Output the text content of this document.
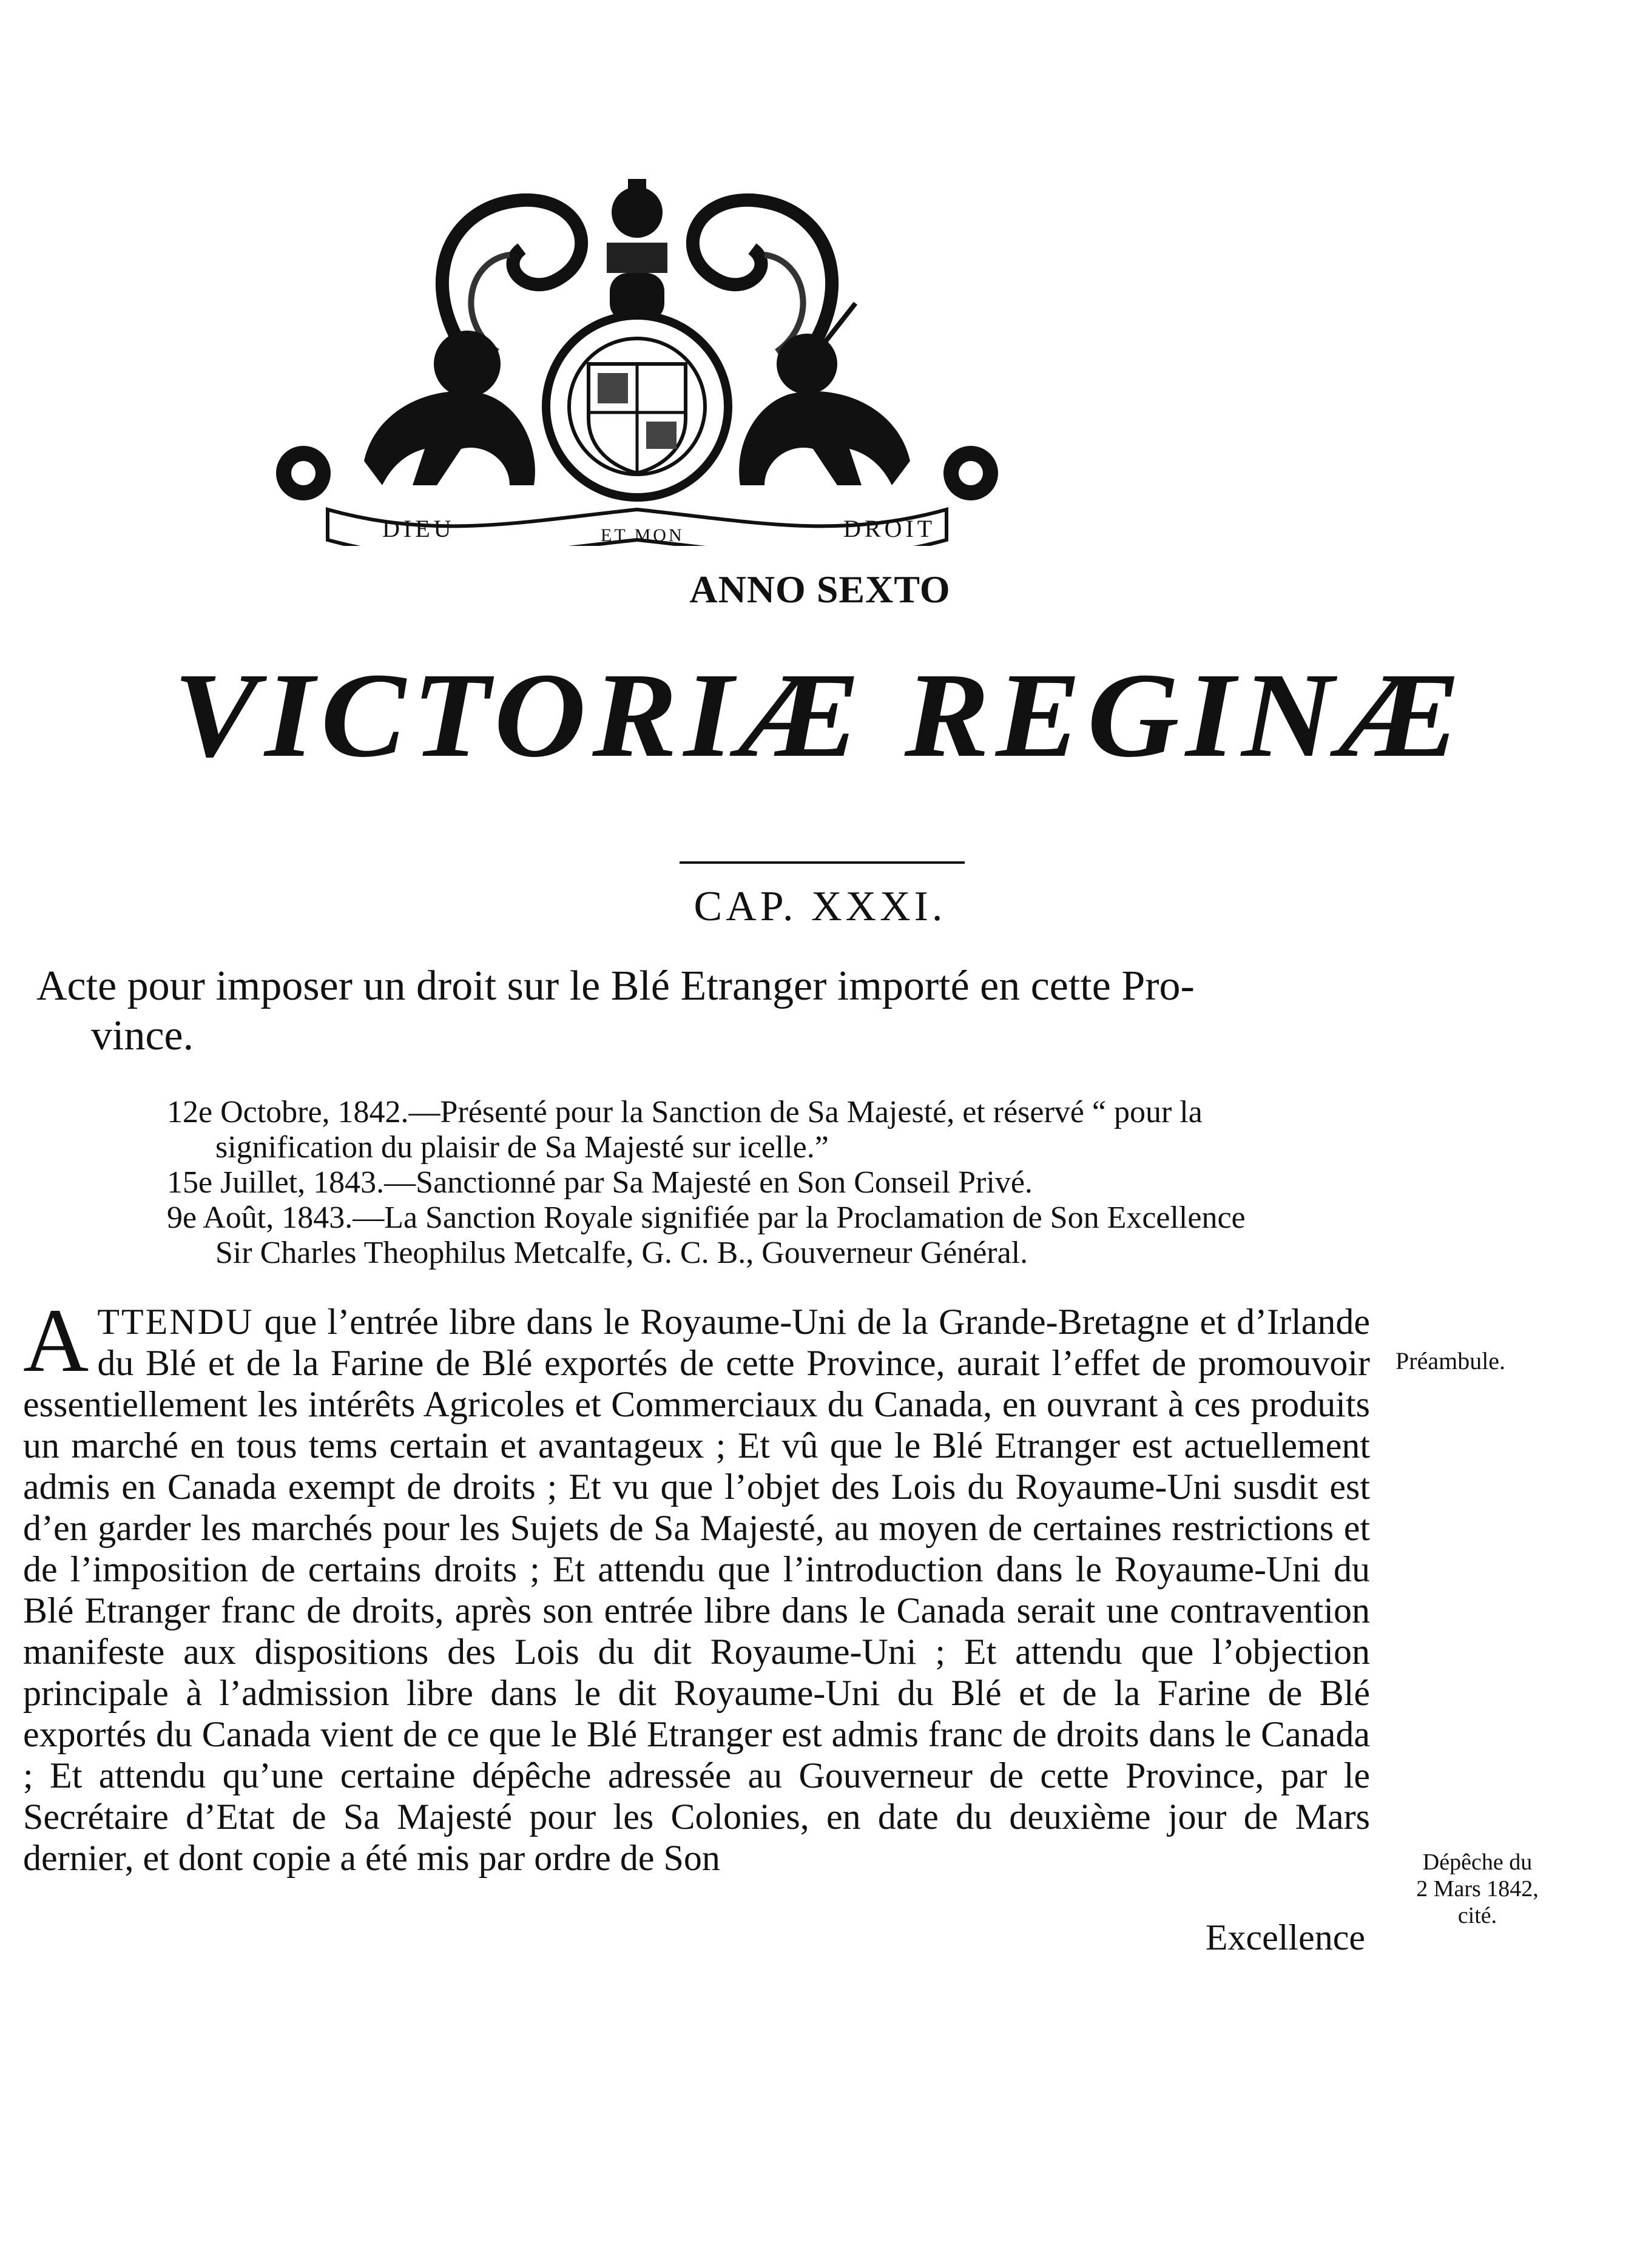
DIEU	ET MON	DROIT
ANNO SEXTO
VICTORIÆ REGINÆ
CAP. XXXI.
Acte pour imposer un droit sur le Blé Etranger importé en cette Pro-
vince.

12e Octobre, 1842.—Présenté pour la Sanction de Sa Majesté, et réservé “ pour la
signification du plaisir de Sa Majesté sur icelle.”

15e Juillet, 1843.—Sanctionné par Sa Majesté en Son Conseil Privé.

9e Août, 1843.—La Sanction Royale signifiée par la Proclamation de Son Excellence
Sir Charles Theophilus Metcalfe, G. C. B., Gouverneur Général.

ATTENDU que l’entrée libre dans le Royaume-Uni de la Grande-Bretagne et d’Irlande du Blé et de la Farine de Blé exportés de cette Province, aurait l’effet de promouvoir essentiellement les intérêts Agricoles et Commerciaux du Canada, en ouvrant à ces produits un marché en tous tems certain et avantageux ; Et vû que le Blé Etranger est actuellement admis en Canada exempt de droits ; Et vu que l’objet des Lois du Royaume-Uni susdit est d’en garder les marchés pour les Sujets de Sa Majesté, au moyen de certaines restrictions et de l’imposition de certains droits ; Et attendu que l’introduction dans le Royaume-Uni du Blé Etranger franc de droits, après son entrée libre dans le Canada serait une contravention manifeste aux dispositions des Lois du dit Royaume-Uni ; Et attendu que l’objection principale à l’admission libre dans le dit Royaume-Uni du Blé et de la Farine de Blé exportés du Canada vient de ce que le Blé Etranger est admis franc de droits dans le Canada ; Et attendu qu’une certaine dépêche adressée au Gouverneur de cette Province, par le Secrétaire d’Etat de Sa Majesté pour les Colonies, en date du deuxième jour de Mars dernier, et dont copie a été mis par ordre de Son
Excellence
Préambule.
Dépêche du
2 Mars 1842,
cité.
